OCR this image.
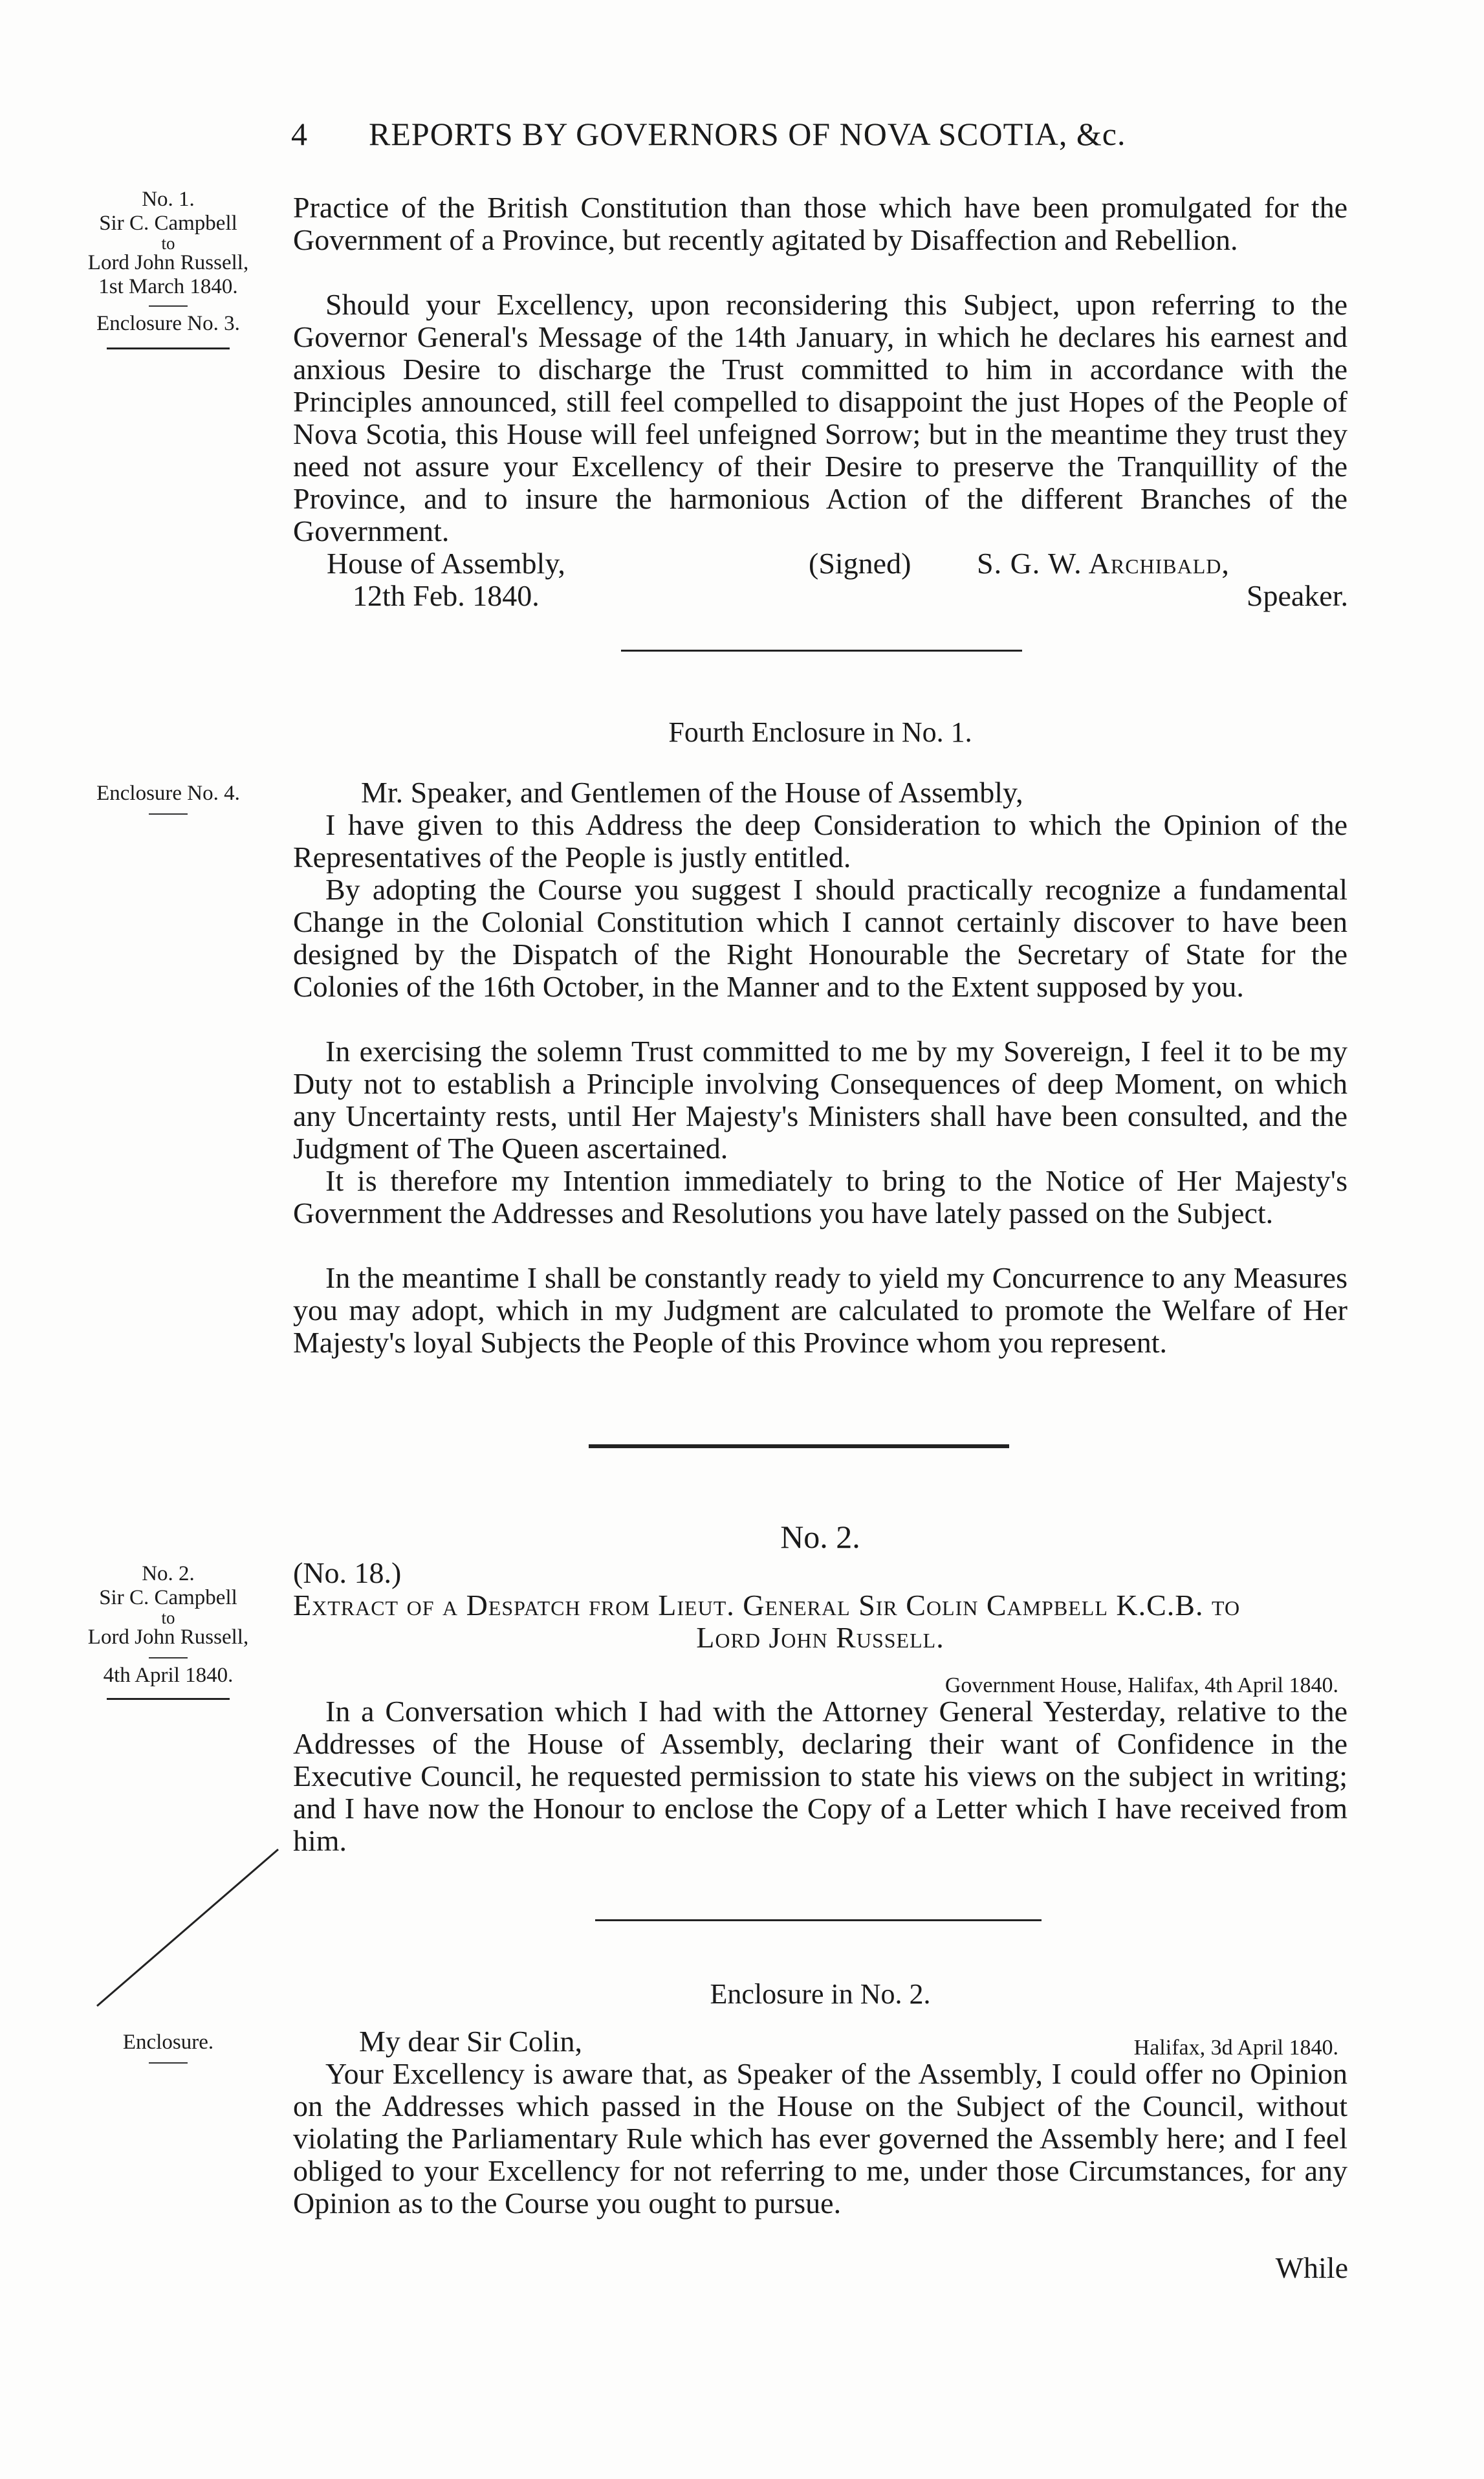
4 REPORTS BY GOVERNORS OF NOVA SCOTIA, &c.
No. 1.
Sir C. Campbell
to
Lord John Russell,
1st March 1840.
Enclosure No. 3.
Practice of the British Constitution than those which have been promulgated for the Government of a Province, but recently agitated by Disaffection and Rebellion.
Should your Excellency, upon reconsidering this Subject, upon referring to the Governor General's Message of the 14th January, in which he declares his earnest and anxious Desire to discharge the Trust committed to him in accordance with the Principles announced, still feel compelled to disappoint the just Hopes of the People of Nova Scotia, this House will feel unfeigned Sorrow; but in the meantime they trust they need not assure your Excellency of their Desire to preserve the Tranquillity of the Province, and to insure the harmonious Action of the different Branches of the Government.
House of Assembly,	(Signed) S. G. W. Archibald,
12th Feb. 1840.	Speaker.
Fourth Enclosure in No. 1.
Enclosure No. 4.	Mr. Speaker, and Gentlemen of the House of Assembly,
I have given to this Address the deep Consideration to which the Opinion of the Representatives of the People is justly entitled.
By adopting the Course you suggest I should practically recognize a fundamental Change in the Colonial Constitution which I cannot certainly discover to have been designed by the Dispatch of the Right Honourable the Secretary of State for the Colonies of the 16th October, in the Manner and to the Extent supposed by you.
In exercising the solemn Trust committed to me by my Sovereign, I feel it to be my Duty not to establish a Principle involving Consequences of deep Moment, on which any Uncertainty rests, until Her Majesty's Ministers shall have been consulted, and the Judgment of The Queen ascertained.
It is therefore my Intention immediately to bring to the Notice of Her Majesty's Government the Addresses and Resolutions you have lately passed on the Subject.
In the meantime I shall be constantly ready to yield my Concurrence to any Measures you may adopt, which in my Judgment are calculated to promote the Welfare of Her Majesty's loyal Subjects the People of this Province whom you represent.
No. 2.
No. 2.
Sir C. Campbell
to
Lord John Russell,
4th April 1840.
(No. 18.)
Extract of a Despatch from Lieut. General Sir Colin Campbell K.C.B. to
Lord John Russell.
Government House, Halifax, 4th April 1840.
In a Conversation which I had with the Attorney General Yesterday, relative to the Addresses of the House of Assembly, declaring their want of Confidence in the Executive Council, he requested permission to state his views on the subject in writing; and I have now the Honour to enclose the Copy of a Letter which I have received from him.
Enclosure in No. 2.
Enclosure.	My dear Sir Colin,	Halifax, 3d April 1840.
Your Excellency is aware that, as Speaker of the Assembly, I could offer no Opinion on the Addresses which passed in the House on the Subject of the Council, without violating the Parliamentary Rule which has ever governed the Assembly here; and I feel obliged to your Excellency for not referring to me, under those Circumstances, for any Opinion as to the Course you ought to pursue.
While
